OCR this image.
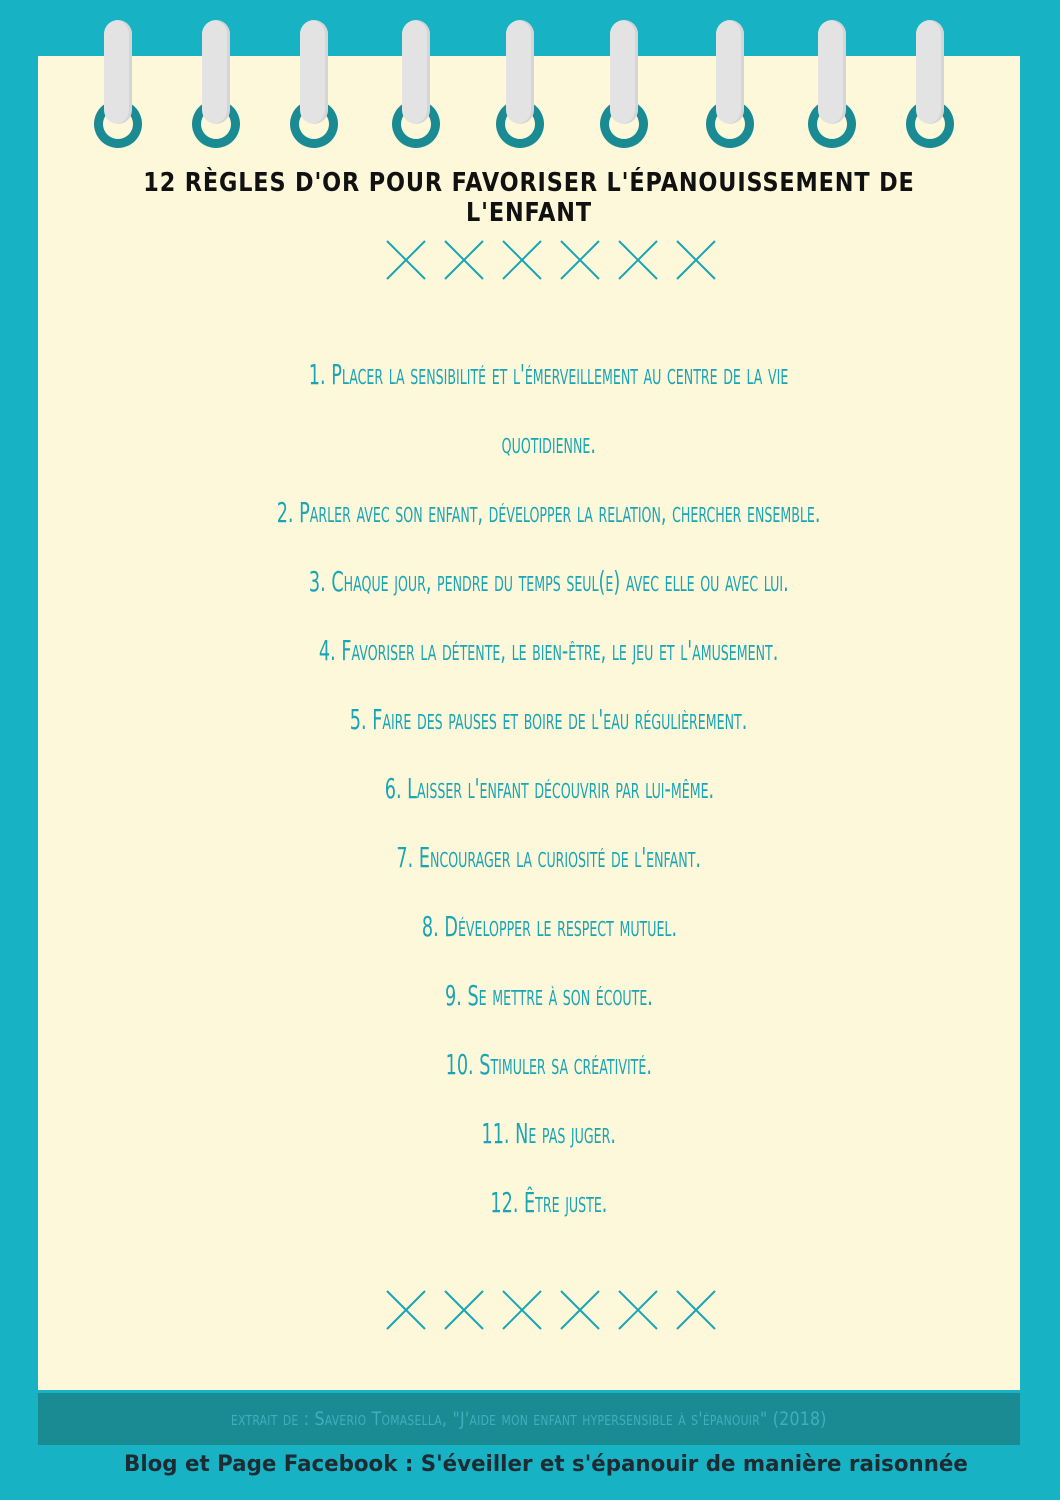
12 RÈGLES D'OR POUR FAVORISER L'ÉPANOUISSEMENT DE L'ENFANT
1. Placer la sensibilité et l'émerveillement au centre de la vie
quotidienne.
2. Parler avec son enfant, développer la relation, chercher ensemble.
3. Chaque jour, pendre du temps seul(e) avec elle ou avec lui.
4. Favoriser la détente, le bien-être, le jeu et l'amusement.
5. Faire des pauses et boire de l'eau régulièrement.
6. Laisser l'enfant découvrir par lui-même.
7. Encourager la curiosité de l'enfant.
8. Développer le respect mutuel.
9. Se mettre à son écoute.
10. Stimuler sa créativité.
11. Ne pas juger.
12. Être juste.
extrait de : Saverio Tomasella, "J'aide mon enfant hypersensible à s'épanouir" (2018)
Blog et Page Facebook : S'éveiller et s'épanouir de manière raisonnée
